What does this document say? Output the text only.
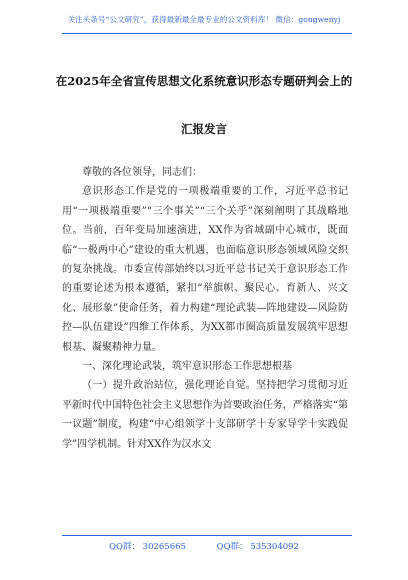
关注头条号“公文研究”，获得最新最全最专业的公文资料库！ 微信：gongwenyj
在2025年全省宣传思想文化系统意识形态专题研判会上的
汇报发言

尊敬的各位领导，同志们：

意识形态工作是党的一项极端重要的工作，习近平总书记用“一项极端重要”“三个事关”“三个关乎”深刻阐明了其战略地位。当前，百年变局加速演进，XX作为省域副中心城市，既面临“一极两中心”建设的重大机遇，也面临意识形态领域风险交织的复杂挑战。市委宣传部始终以习近平总书记关于意识形态工作的重要论述为根本遵循，紧扣“举旗帜、聚民心、育新人、兴文化、展形象”使命任务，着力构建“理论武装—阵地建设—风险防控—队伍建设”四维工作体系，为XX都市圈高质量发展筑牢思想根基、凝聚精神力量。

一、深化理论武装，筑牢意识形态工作思想根基

（一）提升政治站位，强化理论自觉。坚持把学习贯彻习近平新时代中国特色社会主义思想作为首要政治任务，严格落实“第一议题”制度，构建“中心组领学十支部研学十专家导学十实践促学”四学机制。针对XX作为汉水文

QQ群： 30265665	QQ群： 535304092
